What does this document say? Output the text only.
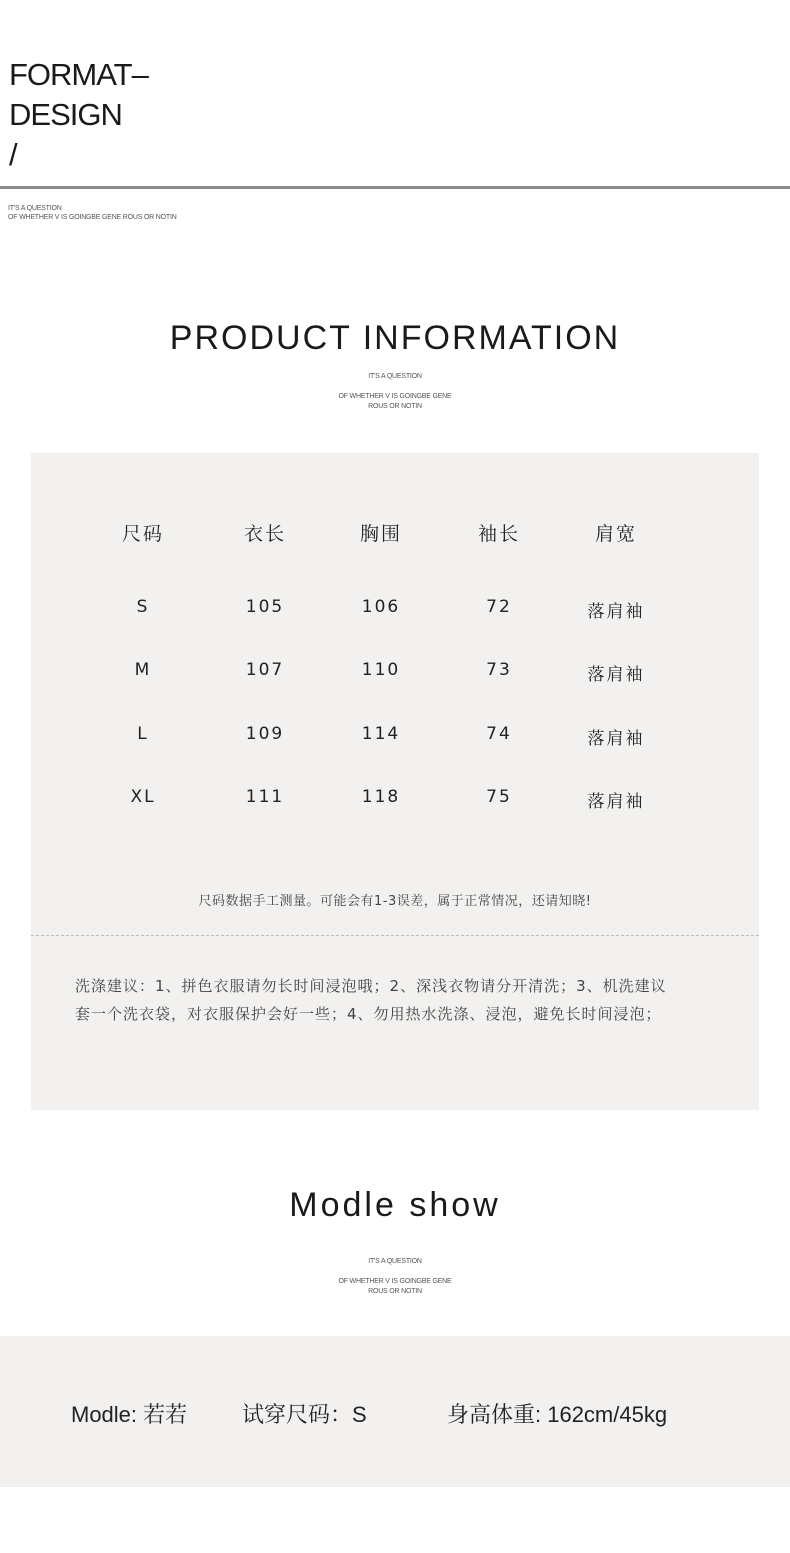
FORMAT–
DESIGN
/
IT'S A QUESTION
OF WHETHER V IS GOINGBE GENE ROUS OR NOTIN
PRODUCT INFORMATION
IT'S A QUESTION
OF WHETHER V IS GOINGBE GENE
ROUS OR NOTIN
尺码	衣长	胸围	袖长	肩宽
S	105	106	72	落肩袖
M	107	110	73	落肩袖
L	109	114	74	落肩袖
XL	111	118	75	落肩袖
尺码数据手工测量。可能会有1-3误差，属于正常情况，还请知晓!
洗涤建议：1、拼色衣服请勿长时间浸泡哦；2、深浅衣物请分开清洗；3、机洗建议
套一个洗衣袋，对衣服保护会好一些；4、勿用热水洗涤、浸泡，避免长时间浸泡；
Modle show
IT'S A QUESTION
OF WHETHER V IS GOINGBE GENE
ROUS OR NOTIN
Modle: 若若 试穿尺码：S	身高体重: 162cm/45kg
